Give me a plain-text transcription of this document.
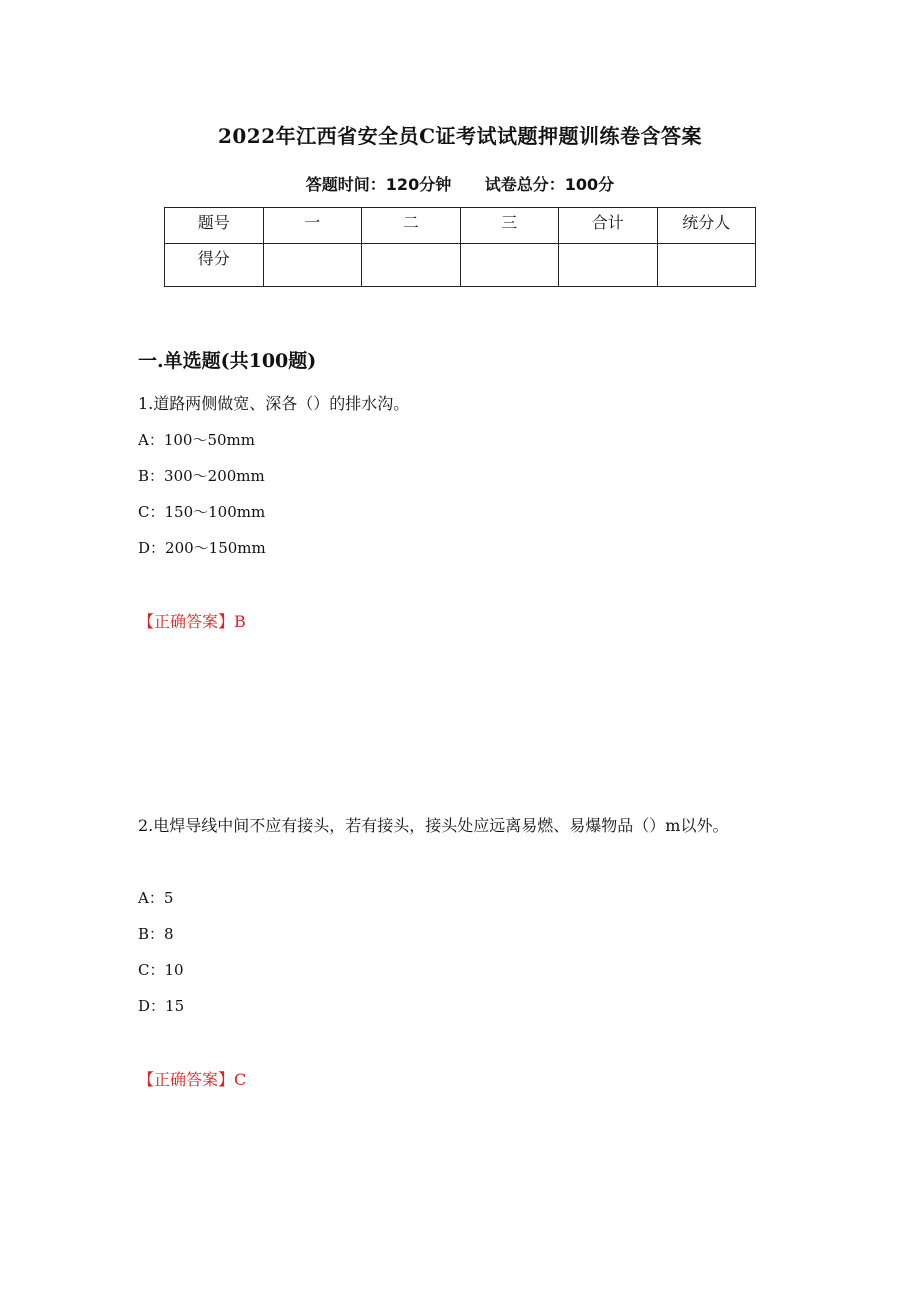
2022年江西省安全员C证考试试题押题训练卷含答案
答题时间：120分钟 试卷总分：100分
题号	一	二	三	合计	统分人
得分					
一.单选题(共100题)
1.道路两侧做宽、深各（）的排水沟。
A：100～50mm
B：300～200mm
C：150～100mm
D：200～150mm
【正确答案】B
2.电焊导线中间不应有接头，若有接头，接头处应远离易燃、易爆物品（）m以外。
A：5
B：8
C：10
D：15
【正确答案】C
